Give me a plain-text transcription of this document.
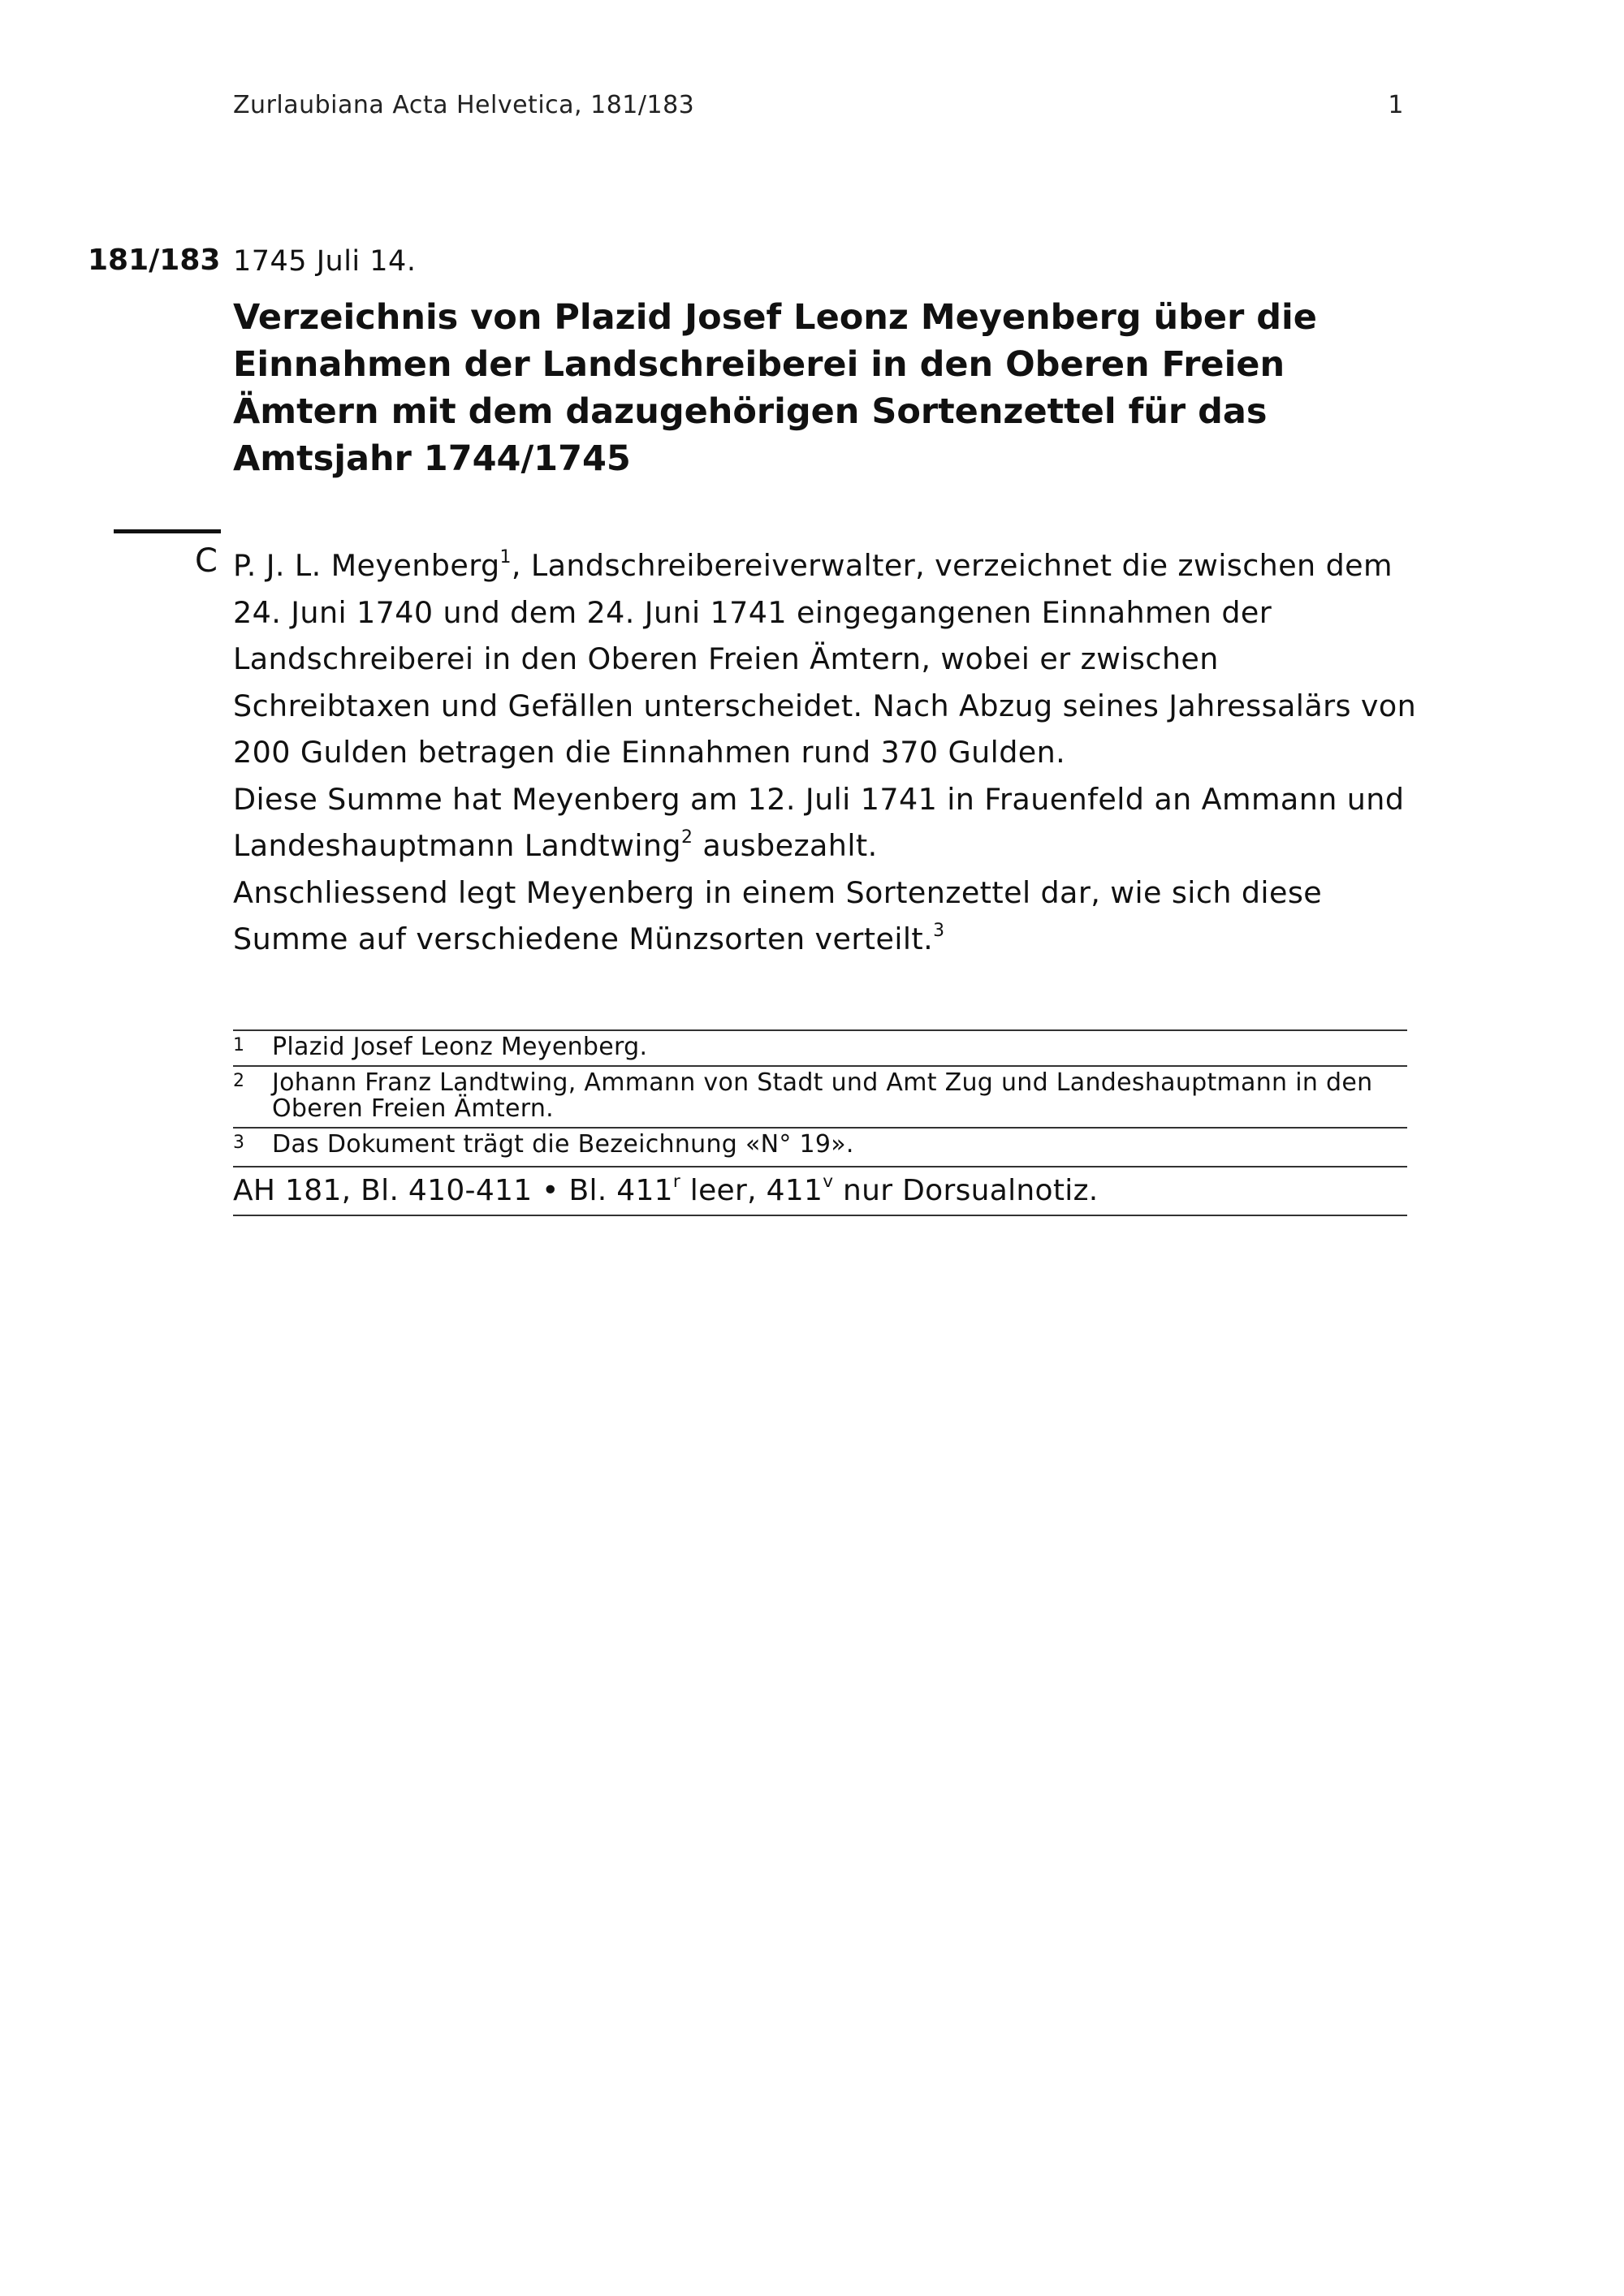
Zurlaubiana Acta Helvetica, 181/183	1
181/183 1745 Juli 14.
Verzeichnis von Plazid Josef Leonz Meyenberg über die Einnahmen der Landschreiberei in den Oberen Freien Ämtern mit dem dazugehörigen Sortenzettel für das Amtsjahr 1744/1745
C P. J. L. Meyenberg$^1$, Landschreibereiverwalter, verzeichnet die zwischen dem 24. Juni 1740 und dem 24. Juni 1741 eingegangenen Einnahmen der Landschreiberei in den Oberen Freien Ämtern, wobei er zwischen Schreibtaxen und Gefällen unterscheidet. Nach Abzug seines Jahressalärs von 200 Gulden betragen die Einnahmen rund 370 Gulden.

Diese Summe hat Meyenberg am 12. Juli 1741 in Frauenfeld an Ammann und Landeshauptmann Landtwing$^2$ ausbezahlt.

Anschliessend legt Meyenberg in einem Sortenzettel dar, wie sich diese Summe auf verschiedene Münzsorten verteilt.$^3$

1 Plazid Josef Leonz Meyenberg.
2 Johann Franz Landtwing, Ammann von Stadt und Amt Zug und Landeshauptmann in den Oberen Freien Ämtern.
3 Das Dokument trägt die Bezeichnung «N° 19».
AH 181, Bl. 410-411 • Bl. 411$^r$ leer, 411$^v$ nur Dorsualnotiz.
